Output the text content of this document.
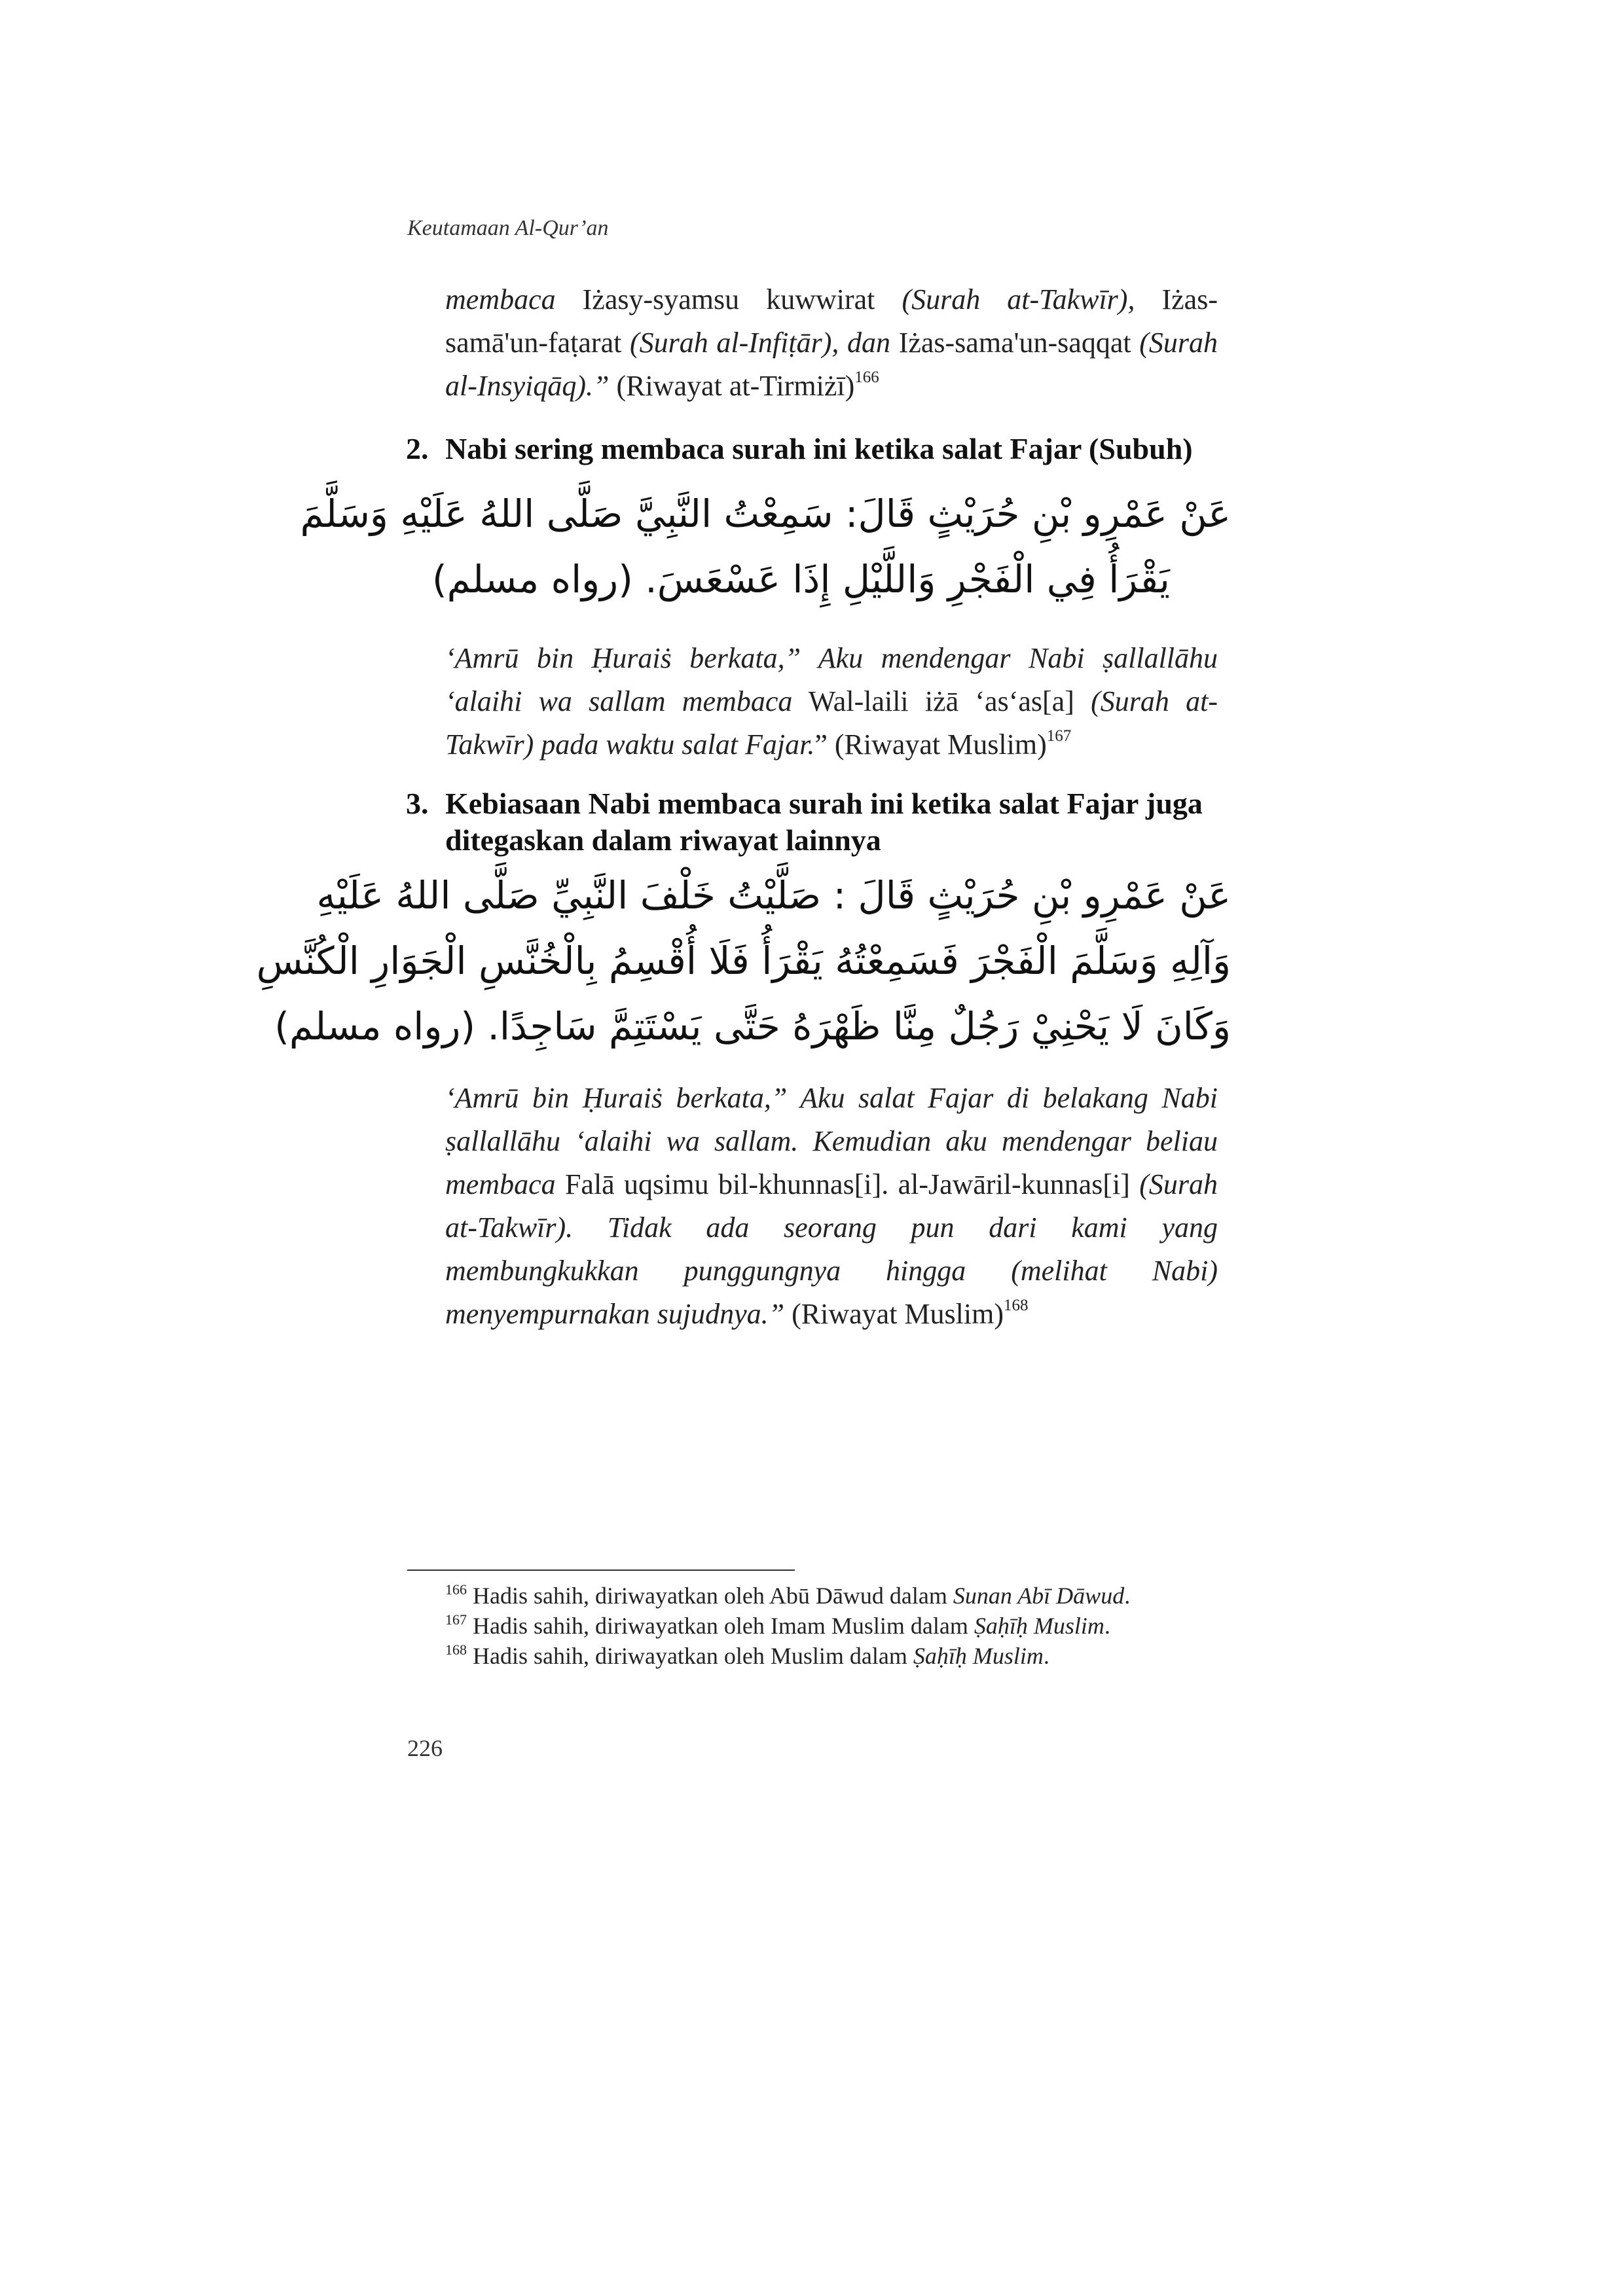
Keutamaan Al-Qur’an

membaca Iżasy-syamsu kuwwirat (Surah at-Takwīr), Iżas-samā'un-faṭarat (Surah al-Infiṭār), dan Iżas-sama'un-saqqat (Surah al-Insyiqāq).” (Riwayat at-Tirmiżī)$^{166}$

2. Nabi sering membaca surah ini ketika salat Fajar (Subuh)
عَنْ عَمْرِو بْنِ حُرَيْثٍ قَالَ: سَمِعْتُ النَّبِيَّ صَلَّى اللهُ عَلَيْهِ وَسَلَّمَ
يَقْرَأُ فِي الْفَجْرِ وَاللَّيْلِ إِذَا عَسْعَسَ. (رواه مسلم)

‘Amrū bin Ḥuraiṡ berkata,” Aku mendengar Nabi ṣallallāhu ‘alaihi wa sallam membaca Wal-laili iżā ‘as‘as[a] (Surah at-Takwīr) pada waktu salat Fajar.” (Riwayat Muslim)$^{167}$

3. Kebiasaan Nabi membaca surah ini ketika salat Fajar juga
ditegaskan dalam riwayat lainnya
عَنْ عَمْرِو بْنِ حُرَيْثٍ قَالَ : صَلَّيْتُ خَلْفَ النَّبِيِّ صَلَّى اللهُ عَلَيْهِ
وَآلِهِ وَسَلَّمَ الْفَجْرَ فَسَمِعْتُهُ يَقْرَأُ فَلَا أُقْسِمُ بِالْخُنَّسِ الْجَوَارِ الْكُنَّسِ
وَكَانَ لَا يَحْنِيْ رَجُلٌ مِنَّا ظَهْرَهُ حَتَّى يَسْتَتِمَّ سَاجِدًا. (رواه مسلم)

‘Amrū bin Ḥuraiṡ berkata,” Aku salat Fajar di belakang Nabi ṣallallāhu ‘alaihi wa sallam. Kemudian aku mendengar beliau membaca Falā uqsimu bil-khunnas[i]. al-Jawāril-kunnas[i] (Surah at-Takwīr). Tidak ada seorang pun dari kami yang membungkukkan punggungnya hingga (melihat Nabi) menyempurnakan sujudnya.” (Riwayat Muslim)$^{168}$

$^{166}$ Hadis sahih, diriwayatkan oleh Abū Dāwud dalam Sunan Abī Dāwud.
$^{167}$ Hadis sahih, diriwayatkan oleh Imam Muslim dalam Ṣaḥīḥ Muslim.
$^{168}$ Hadis sahih, diriwayatkan oleh Muslim dalam Ṣaḥīḥ Muslim.
226
